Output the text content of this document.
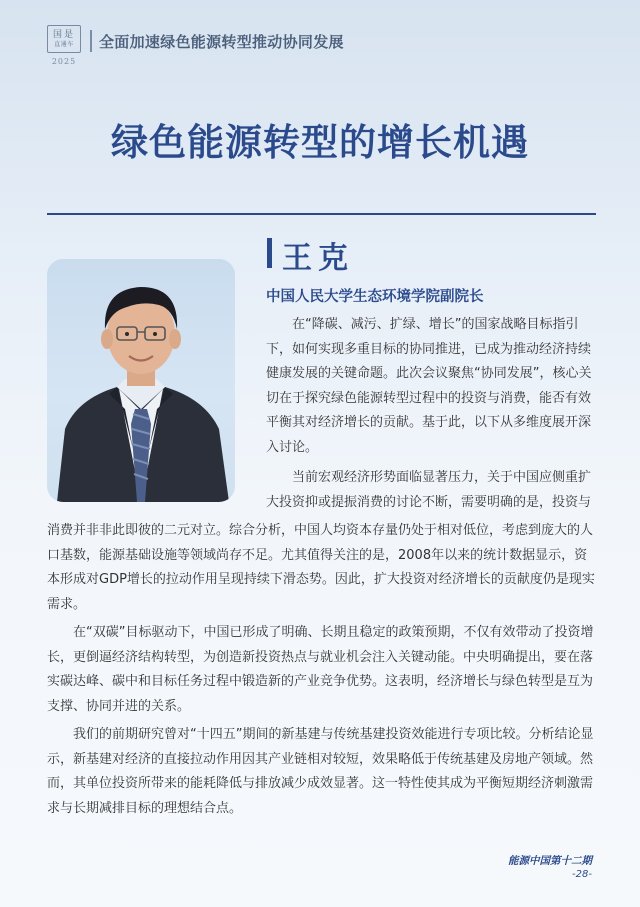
国是
直通车
2025
全面加速绿色能源转型推动协同发展
绿色能源转型的增长机遇
王克
中国人民大学生态环境学院副院长

在“降碳、减污、扩绿、增长”的国家战略目标指引下，如何实现多重目标的协同推进，已成为推动经济持续健康发展的关键命题。此次会议聚焦“协同发展”，核心关切在于探究绿色能源转型过程中的投资与消费，能否有效平衡其对经济增长的贡献。基于此，以下从多维度展开深入讨论。

当前宏观经济形势面临显著压力，关于中国应侧重扩大投资抑或提振消费的讨论不断，需要明确的是，投资与

消费并非非此即彼的二元对立。综合分析，中国人均资本存量仍处于相对低位，考虑到庞大的人口基数，能源基础设施等领域尚存不足。尤其值得关注的是，2008年以来的统计数据显示，资本形成对GDP增长的拉动作用呈现持续下滑态势。因此，扩大投资对经济增长的贡献度仍是现实需求。

在“双碳”目标驱动下，中国已形成了明确、长期且稳定的政策预期，不仅有效带动了投资增长，更倒逼经济结构转型，为创造新投资热点与就业机会注入关键动能。中央明确提出，要在落实碳达峰、碳中和目标任务过程中锻造新的产业竞争优势。这表明，经济增长与绿色转型是互为支撑、协同并进的关系。

我们的前期研究曾对“十四五”期间的新基建与传统基建投资效能进行专项比较。分析结论显示，新基建对经济的直接拉动作用因其产业链相对较短，效果略低于传统基建及房地产领域。然而，其单位投资所带来的能耗降低与排放减少成效显著。这一特性使其成为平衡短期经济刺激需求与长期减排目标的理想结合点。

能源中国第十二期
-28-
